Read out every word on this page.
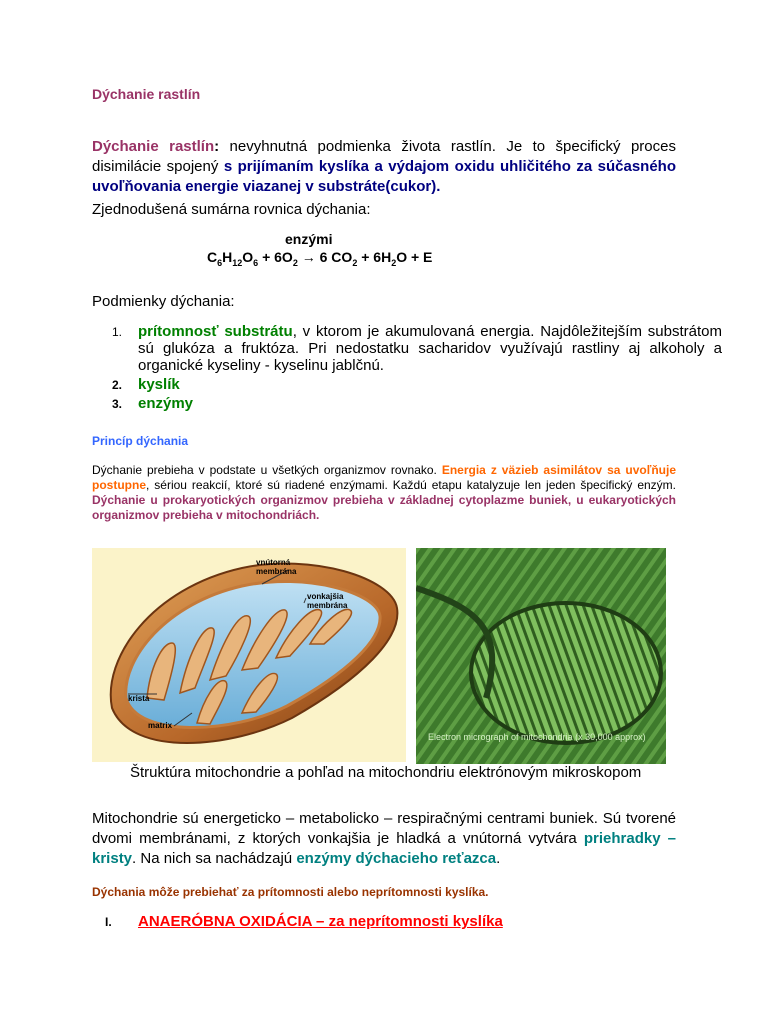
Dýchanie rastlín
Dýchanie rastlín: nevyhnutná podmienka života rastlín. Je to špecifický proces disimilácie spojený s prijímaním kyslíka a výdajom oxidu uhličitého za súčasného uvoľňovania energie viazanej v substráte(cukor).
Zjednodušená sumárna rovnica dýchania:
enzými
$C_6H_{12}O_6 + 6O_2 \to 6$ $CO_2 + 6H_2O + E$
Podmienky dýchania:
1. prítomnosť substrátu, v ktorom je akumulovaná energia. Najdôležitejším substrátom sú glukóza a fruktóza. Pri nedostatku sacharidov využívajú rastliny aj alkoholy a organické kyseliny - kyselinu jablčnú.
2. kyslík
3. enzýmy
Princíp dýchania
Dýchanie prebieha v podstate u všetkých organizmov rovnako. Energia z väzieb asimilátov sa uvoľňuje postupne, sériou reakcií, ktoré sú riadené enzýmami. Každú etapu katalyzuje len jeden špecifický enzým. Dýchanie u prokaryotických organizmov prebieha v základnej cytoplazme buniek, u eukaryotických organizmov prebieha v mitochondriách.
vnútorná membrána
vonkajšia membrána
krista
matrix
Electron micrograph of mitochondria (x 30,000 approx)
Štruktúra mitochondrie a pohľad na mitochondriu elektrónovým mikroskopom
Mitochondrie sú energeticko – metabolicko – respiračnými centrami buniek. Sú tvorené dvomi membránami, z ktorých vonkajšia je hladká a vnútorná vytvára priehradky – kristy. Na nich sa nachádzajú enzýmy dýchacieho reťazca.
Dýchania môže prebiehať za prítomnosti alebo neprítomnosti kyslíka.
I. ANAERÓBNA OXIDÁCIA – za neprítomnosti kyslíka
